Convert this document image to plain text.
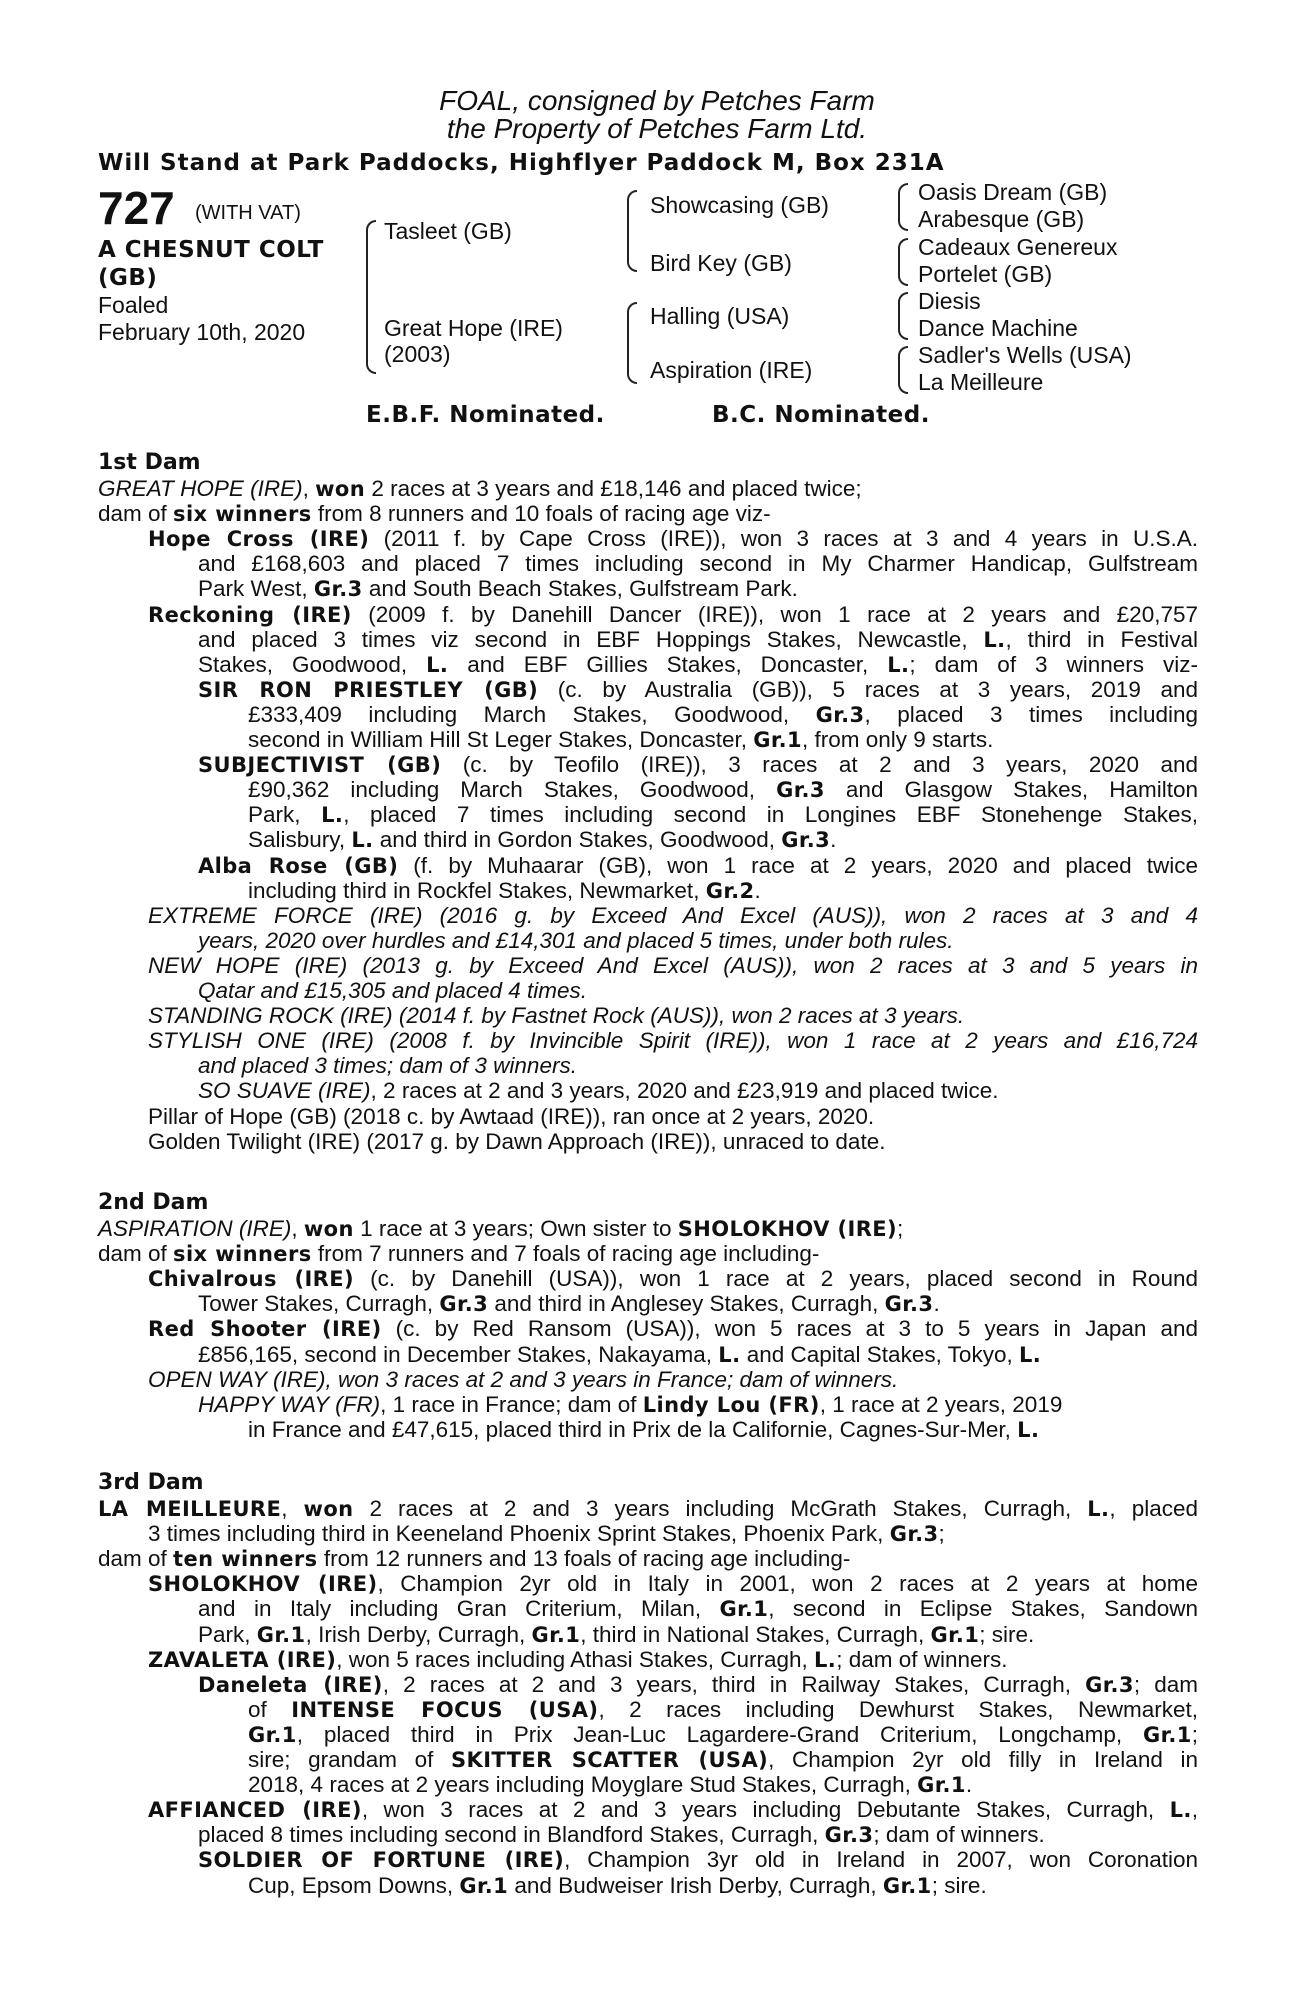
FOAL, consigned by Petches Farm
the Property of Petches Farm Ltd.
Will Stand at Park Paddocks, Highflyer Paddock M, Box 231A
727 (WITH VAT)
A CHESNUT COLT
(GB)
Foaled
February 10th, 2020
Tasleet (GB)
Great Hope (IRE)
(2003)
Showcasing (GB)
Bird Key (GB)
Halling (USA)
Aspiration (IRE)
Oasis Dream (GB)
Arabesque (GB)
Cadeaux Genereux
Portelet (GB)
Diesis
Dance Machine
Sadler's Wells (USA)
La Meilleure
E.B.F. Nominated.	B.C. Nominated.
1st Dam
GREAT HOPE (IRE), won 2 races at 3 years and £18,146 and placed twice;
dam of six winners from 8 runners and 10 foals of racing age viz-
Hope Cross (IRE) (2011 f. by Cape Cross (IRE)), won 3 races at 3 and 4 years in U.S.A.
and £168,603 and placed 7 times including second in My Charmer Handicap, Gulfstream
Park West, Gr.3 and South Beach Stakes, Gulfstream Park.
Reckoning (IRE) (2009 f. by Danehill Dancer (IRE)), won 1 race at 2 years and £20,757
and placed 3 times viz second in EBF Hoppings Stakes, Newcastle, L., third in Festival
Stakes, Goodwood, L. and EBF Gillies Stakes, Doncaster, L.; dam of 3 winners viz-
SIR RON PRIESTLEY (GB) (c. by Australia (GB)), 5 races at 3 years, 2019 and
£333,409 including March Stakes, Goodwood, Gr.3, placed 3 times including
second in William Hill St Leger Stakes, Doncaster, Gr.1, from only 9 starts.
SUBJECTIVIST (GB) (c. by Teofilo (IRE)), 3 races at 2 and 3 years, 2020 and
£90,362 including March Stakes, Goodwood, Gr.3 and Glasgow Stakes, Hamilton
Park, L., placed 7 times including second in Longines EBF Stonehenge Stakes,
Salisbury, L. and third in Gordon Stakes, Goodwood, Gr.3.
Alba Rose (GB) (f. by Muhaarar (GB), won 1 race at 2 years, 2020 and placed twice
including third in Rockfel Stakes, Newmarket, Gr.2.
EXTREME FORCE (IRE) (2016 g. by Exceed And Excel (AUS)), won 2 races at 3 and 4
years, 2020 over hurdles and £14,301 and placed 5 times, under both rules.
NEW HOPE (IRE) (2013 g. by Exceed And Excel (AUS)), won 2 races at 3 and 5 years in
Qatar and £15,305 and placed 4 times.
STANDING ROCK (IRE) (2014 f. by Fastnet Rock (AUS)), won 2 races at 3 years.
STYLISH ONE (IRE) (2008 f. by Invincible Spirit (IRE)), won 1 race at 2 years and £16,724
and placed 3 times; dam of 3 winners.
SO SUAVE (IRE), 2 races at 2 and 3 years, 2020 and £23,919 and placed twice.
Pillar of Hope (GB) (2018 c. by Awtaad (IRE)), ran once at 2 years, 2020.
Golden Twilight (IRE) (2017 g. by Dawn Approach (IRE)), unraced to date.
2nd Dam
ASPIRATION (IRE), won 1 race at 3 years; Own sister to SHOLOKHOV (IRE);
dam of six winners from 7 runners and 7 foals of racing age including-
Chivalrous (IRE) (c. by Danehill (USA)), won 1 race at 2 years, placed second in Round
Tower Stakes, Curragh, Gr.3 and third in Anglesey Stakes, Curragh, Gr.3.
Red Shooter (IRE) (c. by Red Ransom (USA)), won 5 races at 3 to 5 years in Japan and
£856,165, second in December Stakes, Nakayama, L. and Capital Stakes, Tokyo, L.
OPEN WAY (IRE), won 3 races at 2 and 3 years in France; dam of winners.
HAPPY WAY (FR), 1 race in France; dam of Lindy Lou (FR), 1 race at 2 years, 2019
in France and £47,615, placed third in Prix de la Californie, Cagnes-Sur-Mer, L.
3rd Dam
LA MEILLEURE, won 2 races at 2 and 3 years including McGrath Stakes, Curragh, L., placed
3 times including third in Keeneland Phoenix Sprint Stakes, Phoenix Park, Gr.3;
dam of ten winners from 12 runners and 13 foals of racing age including-
SHOLOKHOV (IRE), Champion 2yr old in Italy in 2001, won 2 races at 2 years at home
and in Italy including Gran Criterium, Milan, Gr.1, second in Eclipse Stakes, Sandown
Park, Gr.1, Irish Derby, Curragh, Gr.1, third in National Stakes, Curragh, Gr.1; sire.
ZAVALETA (IRE), won 5 races including Athasi Stakes, Curragh, L.; dam of winners.
Daneleta (IRE), 2 races at 2 and 3 years, third in Railway Stakes, Curragh, Gr.3; dam
of INTENSE FOCUS (USA), 2 races including Dewhurst Stakes, Newmarket,
Gr.1, placed third in Prix Jean-Luc Lagardere-Grand Criterium, Longchamp, Gr.1;
sire; grandam of SKITTER SCATTER (USA), Champion 2yr old filly in Ireland in
2018, 4 races at 2 years including Moyglare Stud Stakes, Curragh, Gr.1.
AFFIANCED (IRE), won 3 races at 2 and 3 years including Debutante Stakes, Curragh, L.,
placed 8 times including second in Blandford Stakes, Curragh, Gr.3; dam of winners.
SOLDIER OF FORTUNE (IRE), Champion 3yr old in Ireland in 2007, won Coronation
Cup, Epsom Downs, Gr.1 and Budweiser Irish Derby, Curragh, Gr.1; sire.
